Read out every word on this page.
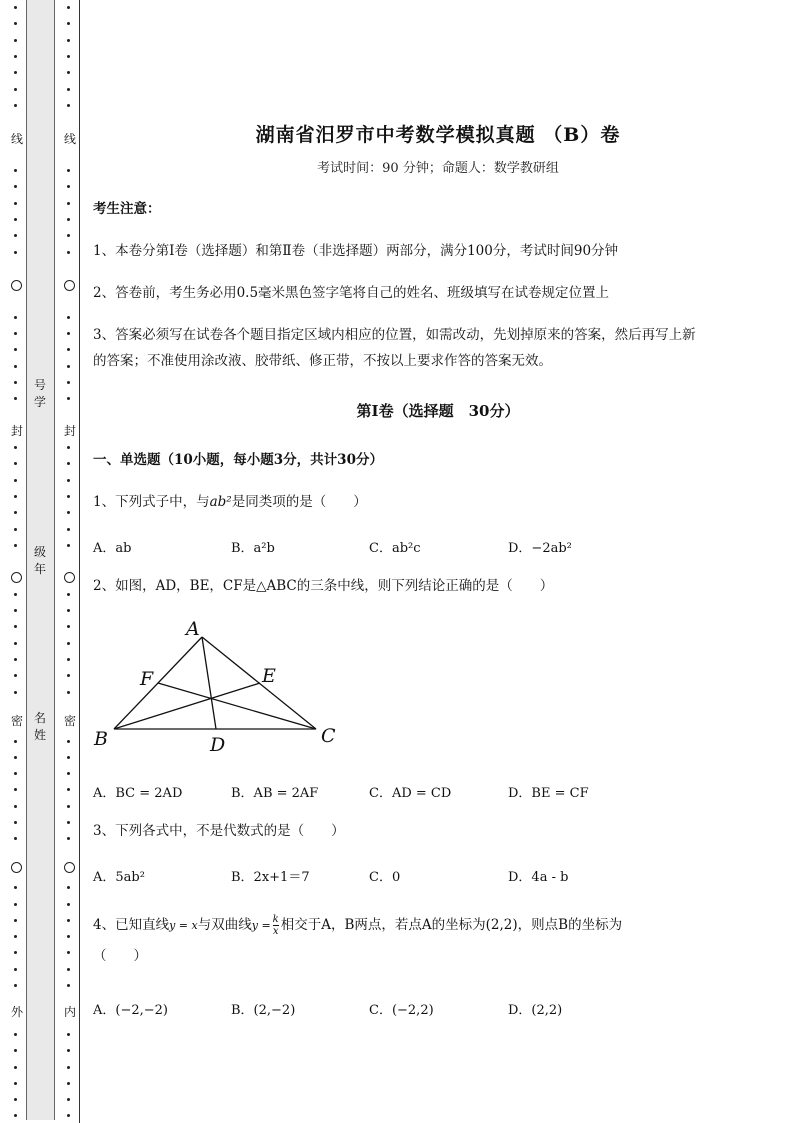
线
封
密
外
号学
级年
名姓
线
封
密
内
湖南省汨罗市中考数学模拟真题 （B）卷
考试时间：90 分钟；命题人：数学教研组
考生注意：
1、本卷分第Ⅰ卷（选择题）和第Ⅱ卷（非选择题）两部分，满分100分，考试时间90分钟
2、答卷前，考生务必用0.5毫米黑色签字笔将自己的姓名、班级填写在试卷规定位置上
3、答案必须写在试卷各个题目指定区域内相应的位置，如需改动，先划掉原来的答案，然后再写上新
的答案；不准使用涂改液、胶带纸、修正带，不按以上要求作答的答案无效。
第Ⅰ卷（选择题　30分）
一、单选题（10小题，每小题3分，共计30分）
1、下列式子中，与ab²是同类项的是（　　）
A．ab	B．a²b	C．ab²c	D．−2ab²
2、如图，AD，BE，CF是△ABC的三条中线，则下列结论正确的是（　　）
A
B	C
D
E
F
A．BC = 2AD	B．AB = 2AF	C．AD = CD	D．BE = CF
3、下列各式中，不是代数式的是（　　）
A．5ab²	B．2x+1＝7	C．0	D．4a - b
4、已知直线y = x与双曲线$y = \frac{k}{x}$ 相交于A，B两点，若点A的坐标为(2,2)，则点B的坐标为
（　　）
A．(−2,−2)	B．(2,−2)	C．(−2,2)	D．(2,2)
